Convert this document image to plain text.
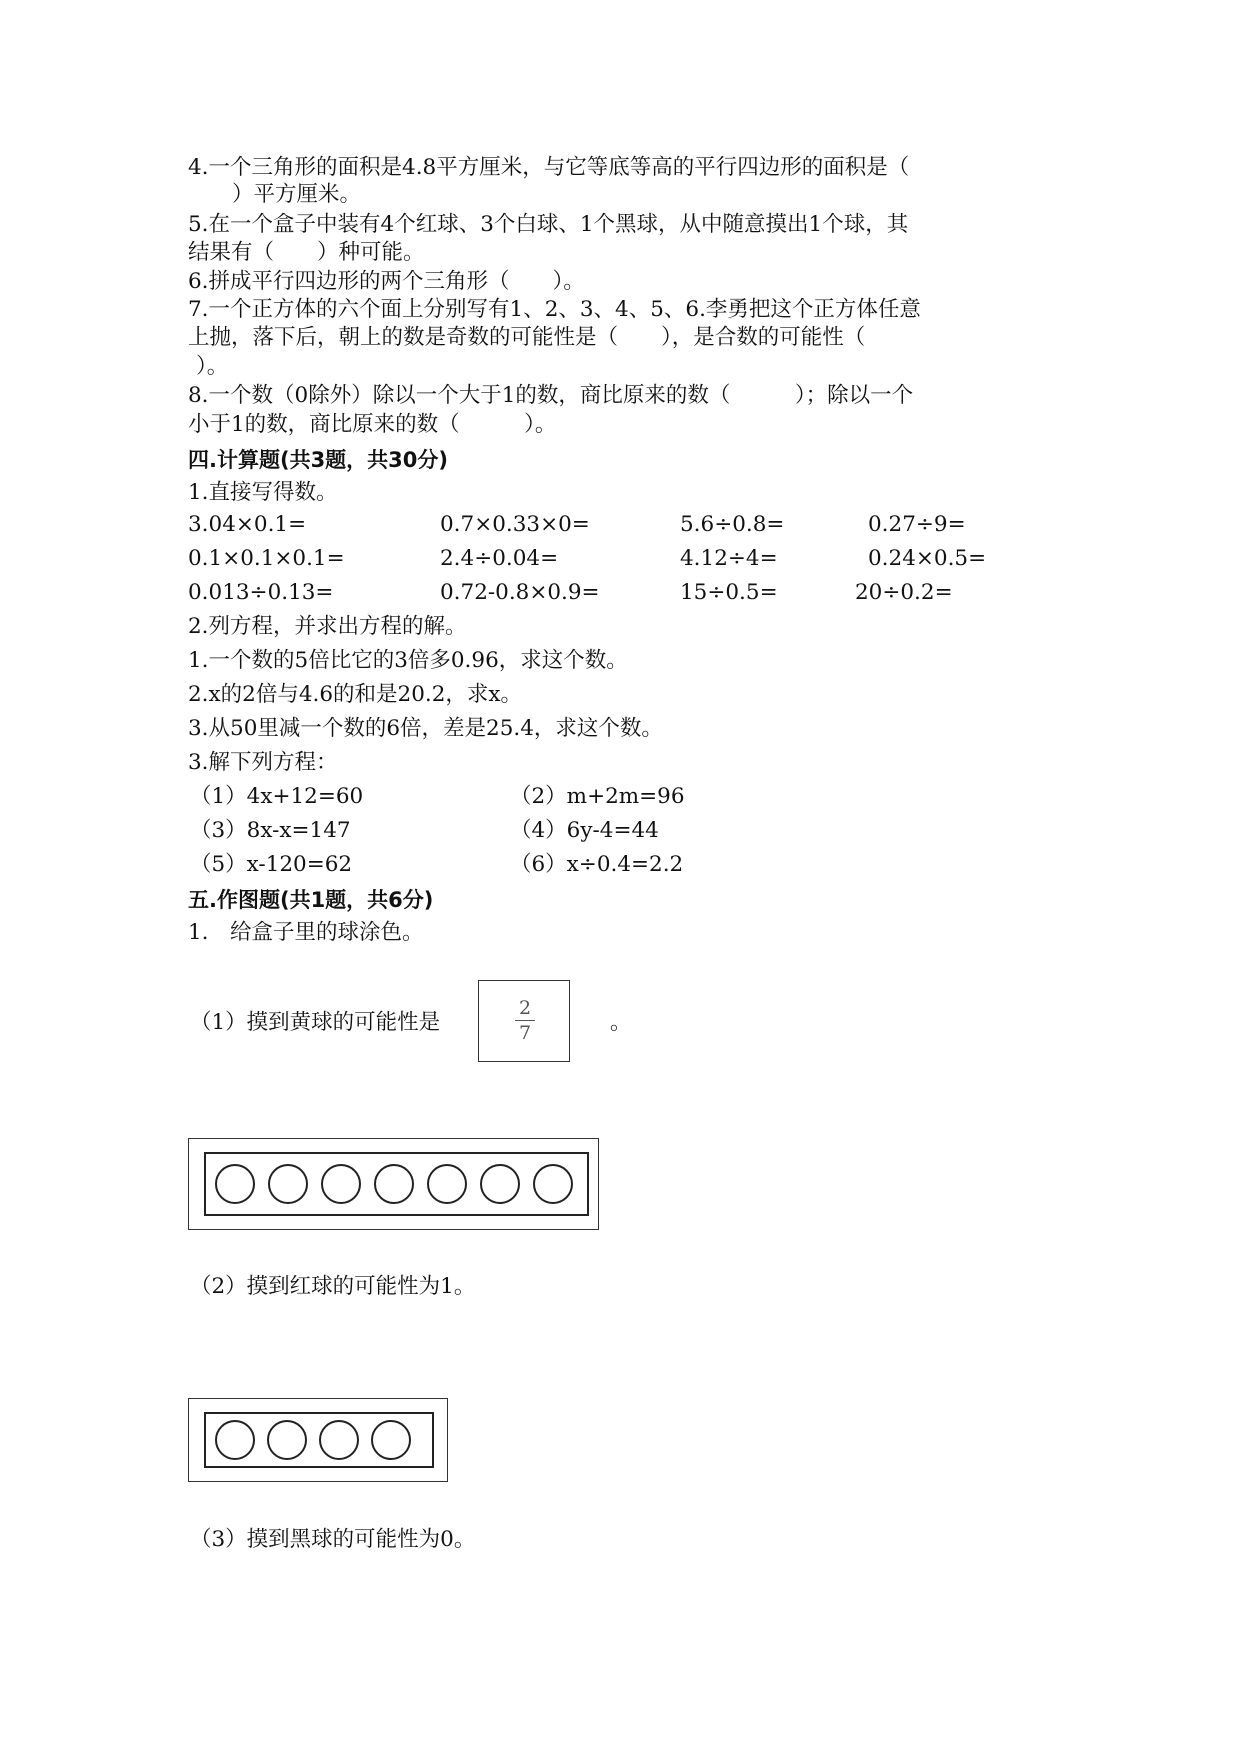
4.一个三角形的面积是4.8平方厘米，与它等底等高的平行四边形的面积是（
）平方厘米。
5.在一个盒子中装有4个红球、3个白球、1个黑球，从中随意摸出1个球，其
结果有（　　）种可能。
6.拼成平行四边形的两个三角形（　　）。
7.一个正方体的六个面上分别写有1、2、3、4、5、6.李勇把这个正方体任意
上抛，落下后，朝上的数是奇数的可能性是（　　），是合数的可能性（
）。
8.一个数（0除外）除以一个大于1的数，商比原来的数（　　　）；除以一个
小于1的数，商比原来的数（　　　）。
四.计算题(共3题，共30分)
1.直接写得数。
3.04×0.1=	0.7×0.33×0=	5.6÷0.8=	0.27÷9=
0.1×0.1×0.1=	2.4÷0.04=	4.12÷4=	0.24×0.5=
0.013÷0.13=	0.72-0.8×0.9=	15÷0.5=	20÷0.2=
2.列方程，并求出方程的解。
1.一个数的5倍比它的3倍多0.96，求这个数。
2.x的2倍与4.6的和是20.2，求x。
3.从50里减一个数的6倍，差是25.4，求这个数。
3.解下列方程：
（1）4x+12=60	（2）m+2m=96
（3）8x-x=147	（4）6y-4=44
（5）x-120=62	（6）x÷0.4=2.2
五.作图题(共1题，共6分)
1.　给盒子里的球涂色。
（1）摸到黄球的可能性是
2
7	。
（2）摸到红球的可能性为1。
（3）摸到黑球的可能性为0。
